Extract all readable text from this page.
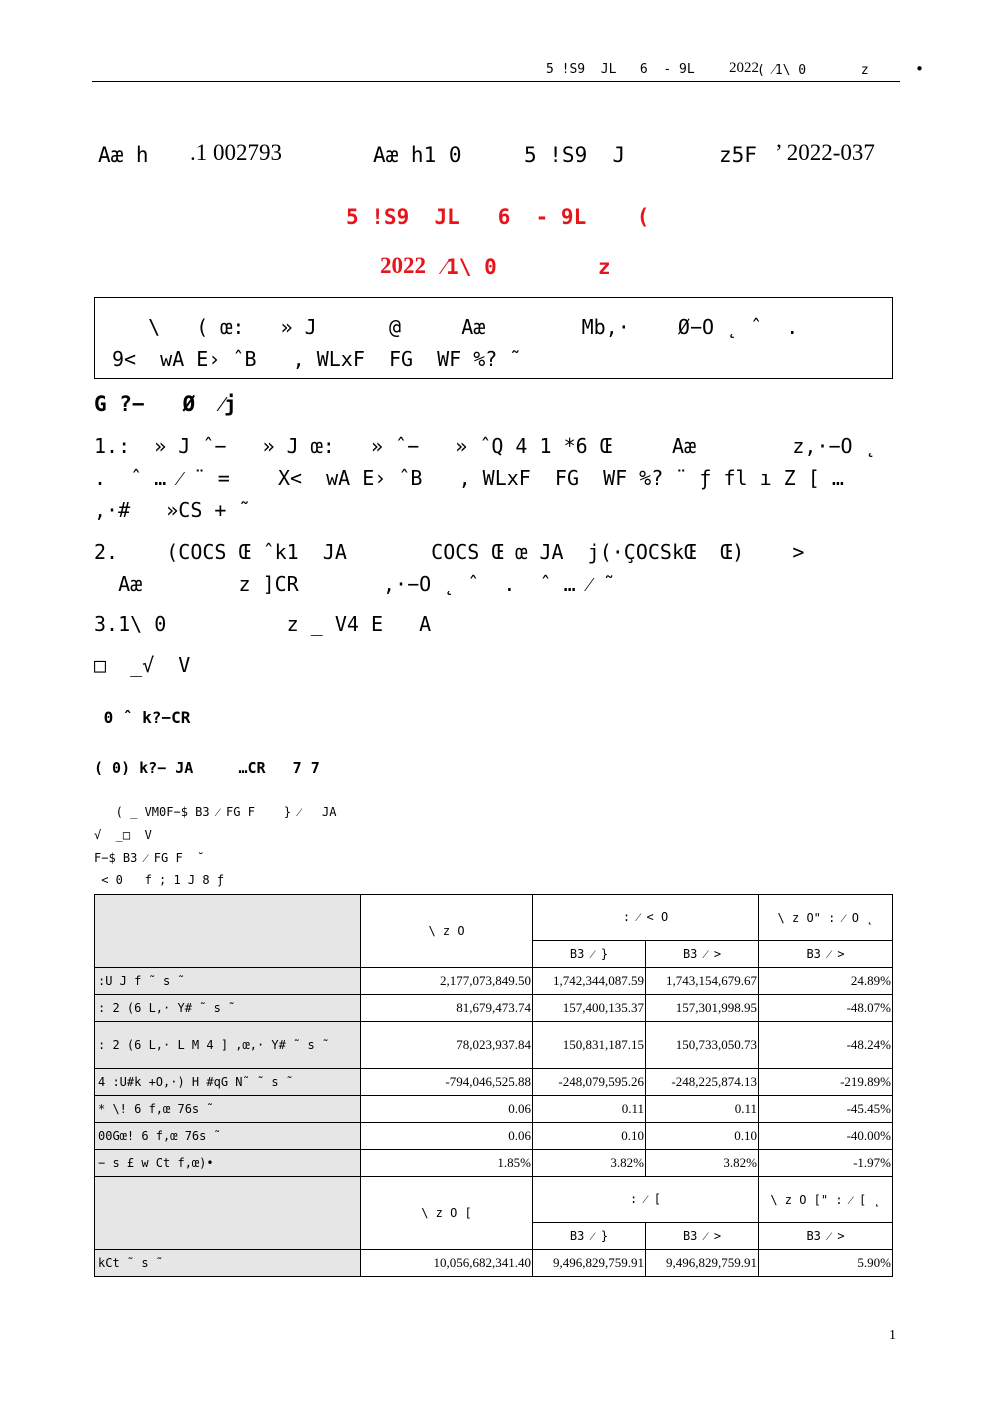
5 !S9  JL   6  - 9L 2022
( ⁄1\ 0       z	•
Aæ h .1 002793	Aæ h1 0	5 !S9  J	z5F ’ 2022-037
5 !S9  JL   6  - 9L    (
2022 ⁄1\ 0        z
\   ( œ:   » J      @     Aæ        Mb,·    Ø−O ˛ ˆ  .
9<  wA E› ˆB   , WLxF  FG  WF %? ˜
G ?−   Ø  ⁄j
1.:  » J ˆ−   » J œ:   » ˆ−   » ˆQ 4 1 *6 Œ     Aæ        z,·−O ˛
.  ˆ … ⁄ ¨ =    X<  wA E› ˆB   , WLxF  FG  WF %? ¨ ƒ fl ı Z [ …
,·#   »CS + ˜
2.    (COCS Œ ˆk1  JA       COCS Œ œ JA  j(·ÇOCSkŒ  Œ)    >
Aæ        z ]CR       ,·−O ˛ ˆ  .  ˆ … ⁄ ˜
3.1\ 0          z _ V4 E   A
□  _√  V
0 ˆ k?−CR
( 0) k?− JA     …CR   7 7
( _ VM0F−$ B3 ⁄ FG F    } ⁄   JA
√  _□  V
F−$ B3 ⁄ FG F  ˘
< 0   f ; 1 J 8 ƒ
	\ z O	: ⁄ < O		\ z O" : ⁄ O ˛
		B3 ⁄ }	B3 ⁄ >	B3 ⁄ >
:U J f ˜ s ˜	2,177,073,849.50	1,742,344,087.59	1,743,154,679.67	24.89%
: 2 (6 L,· Y# ˜ s ˜	81,679,473.74	157,400,135.37	157,301,998.95	-48.07%
: 2 (6 L,· L M 4 ] ,œ,· Y# ˜ s ˜	78,023,937.84	150,831,187.15	150,733,050.73	-48.24%
4 :U#k +O,·) H #qG N˜ ˜ s ˜	-794,046,525.88	-248,079,595.26	-248,225,874.13	-219.89%
* \! 6 f,œ 76s ˜	0.06	0.11	0.11	-45.45%
00Gœ! 6 f,œ 76s ˜	0.06	0.10	0.10	-40.00%
− s £ w Ct f,œ)•	1.85%	3.82%	3.82%	-1.97%
	\ z O [	: ⁄ [		\ z O [" : ⁄ [ ˛
		B3 ⁄ }	B3 ⁄ >	B3 ⁄ >
kCt ˜ s ˜	10,056,682,341.40	9,496,829,759.91	9,496,829,759.91	5.90%
1
